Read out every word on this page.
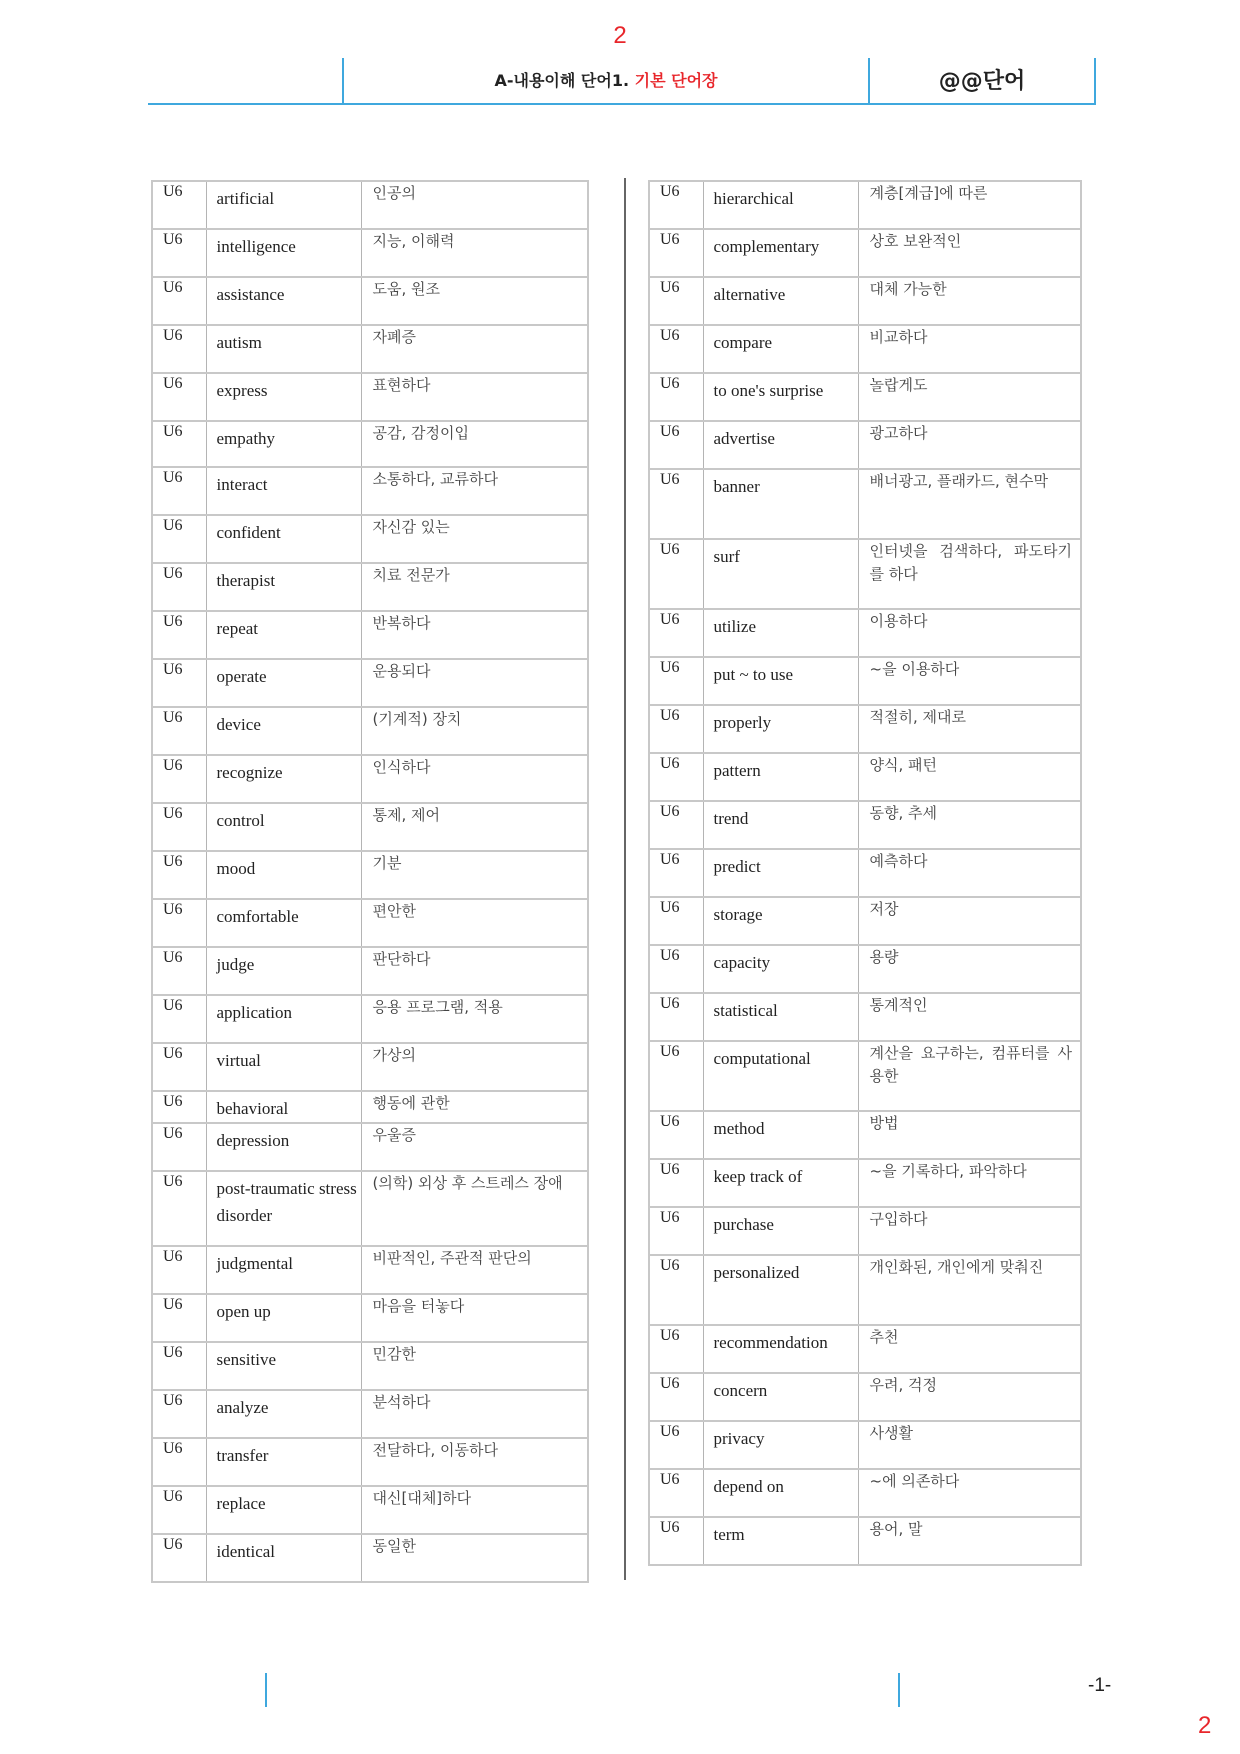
2
A-내용이해 단어1. 기본 단어장	@@단어
U6	artificial	인공의
U6	intelligence	지능, 이해력
U6	assistance	도움, 원조
U6	autism	자폐증
U6	express	표현하다
U6	empathy	공감, 감정이입
U6	interact	소통하다, 교류하다
U6	confident	자신감 있는
U6	therapist	치료 전문가
U6	repeat	반복하다
U6	operate	운용되다
U6	device	(기계적) 장치
U6	recognize	인식하다
U6	control	통제, 제어
U6	mood	기분
U6	comfortable	편안한
U6	judge	판단하다
U6	application	응용 프로그램, 적용
U6	virtual	가상의
U6	behavioral	행동에 관한
U6	depression	우울증
U6	post-traumatic stress disorder	(의학) 외상 후 스트레스 장애
U6	judgmental	비판적인, 주관적 판단의
U6	open up	마음을 터놓다
U6	sensitive	민감한
U6	analyze	분석하다
U6	transfer	전달하다, 이동하다
U6	replace	대신[대체]하다
U6	identical	동일한
U6	hierarchical	계층[계급]에 따른
U6	complementary	상호 보완적인
U6	alternative	대체 가능한
U6	compare	비교하다
U6	to one's surprise	놀랍게도
U6	advertise	광고하다
U6	banner	배너광고, 플래카드, 현수막
U6	surf	인터넷을 검색하다, 파도타기를 하다
U6	utilize	이용하다
U6	put ~ to use	~을 이용하다
U6	properly	적절히, 제대로
U6	pattern	양식, 패턴
U6	trend	동향, 추세
U6	predict	예측하다
U6	storage	저장
U6	capacity	용량
U6	statistical	통계적인
U6	computational	계산을 요구하는, 컴퓨터를 사용한
U6	method	방법
U6	keep track of	~을 기록하다, 파악하다
U6	purchase	구입하다
U6	personalized	개인화된, 개인에게 맞춰진
U6	recommendation	추천
U6	concern	우려, 걱정
U6	privacy	사생활
U6	depend on	~에 의존하다
U6	term	용어, 말
-1-
2
